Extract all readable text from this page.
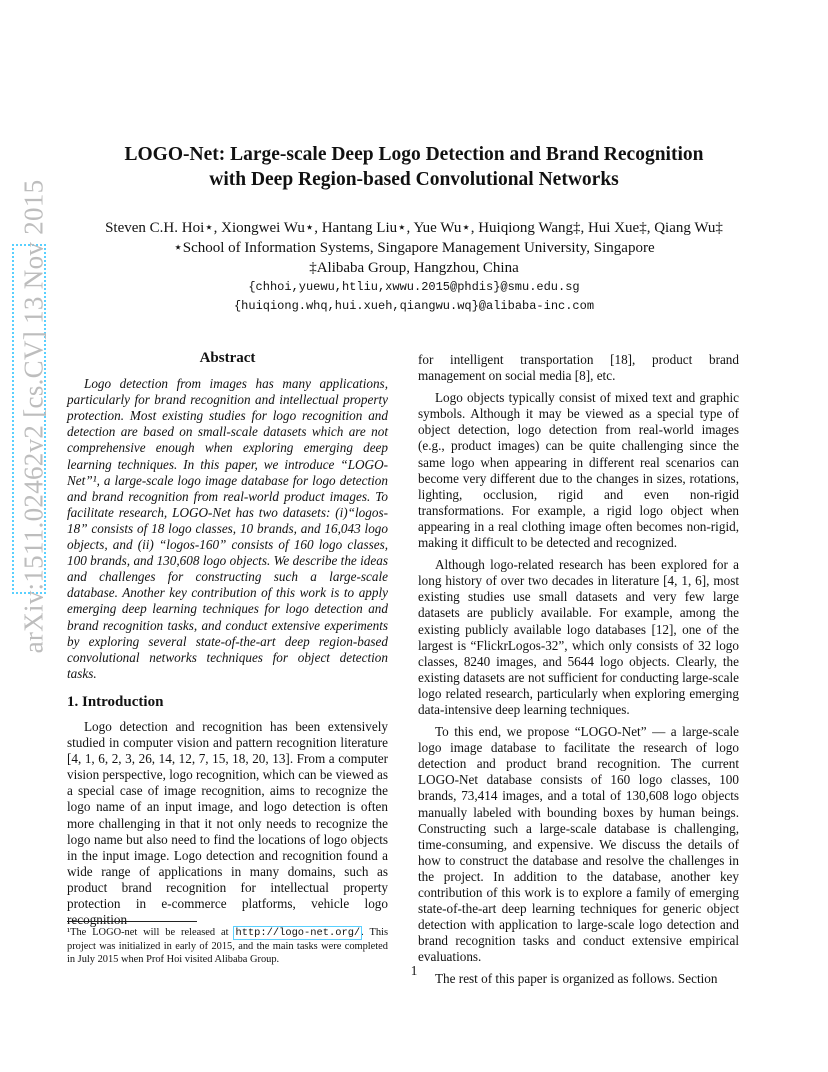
arXiv:1511.02462v2 [cs.CV] 13 Nov 2015
LOGO-Net: Large-scale Deep Logo Detection and Brand Recognition
with Deep Region-based Convolutional Networks
Steven C.H. Hoi⋆, Xiongwei Wu⋆, Hantang Liu⋆, Yue Wu⋆, Huiqiong Wang‡, Hui Xue‡, Qiang Wu‡
⋆School of Information Systems, Singapore Management University, Singapore
‡Alibaba Group, Hangzhou, China
{chhoi,yuewu,htliu,xwwu.2015@phdis}@smu.edu.sg
{huiqiong.whq,hui.xueh,qiangwu.wq}@alibaba-inc.com
Abstract

Logo detection from images has many applications, particularly for brand recognition and intellectual property protection. Most existing studies for logo recognition and detection are based on small-scale datasets which are not comprehensive enough when exploring emerging deep learning techniques. In this paper, we introduce “LOGO-Net”¹, a large-scale logo image database for logo detection and brand recognition from real-world product images. To facilitate research, LOGO-Net has two datasets: (i)“logos-18” consists of 18 logo classes, 10 brands, and 16,043 logo objects, and (ii) “logos-160” consists of 160 logo classes, 100 brands, and 130,608 logo objects. We describe the ideas and challenges for constructing such a large-scale database. Another key contribution of this work is to apply emerging deep learning techniques for logo detection and brand recognition tasks, and conduct extensive experiments by exploring several state-of-the-art deep region-based convolutional networks techniques for object detection tasks.

1. Introduction

Logo detection and recognition has been extensively studied in computer vision and pattern recognition literature [4, 1, 6, 2, 3, 26, 14, 12, 7, 15, 18, 20, 13]. From a computer vision perspective, logo recognition, which can be viewed as a special case of image recognition, aims to recognize the logo name of an input image, and logo detection is often more challenging in that it not only needs to recognize the logo name but also need to find the locations of logo objects in the input image. Logo detection and recognition found a wide range of applications in many domains, such as product brand recognition for intellectual property protection in e-commerce platforms, vehicle logo recognition

for intelligent transportation [18], product brand management on social media [8], etc.

Logo objects typically consist of mixed text and graphic symbols. Although it may be viewed as a special type of object detection, logo detection from real-world images (e.g., product images) can be quite challenging since the same logo when appearing in different real scenarios can become very different due to the changes in sizes, rotations, lighting, occlusion, rigid and even non-rigid transformations. For example, a rigid logo object when appearing in a real clothing image often becomes non-rigid, making it difficult to be detected and recognized.

Although logo-related research has been explored for a long history of over two decades in literature [4, 1, 6], most existing studies use small datasets and very few large datasets are publicly available. For example, among the existing publicly available logo databases [12], one of the largest is “FlickrLogos-32”, which only consists of 32 logo classes, 8240 images, and 5644 logo objects. Clearly, the existing datasets are not sufficient for conducting large-scale logo related research, particularly when exploring emerging data-intensive deep learning techniques.

To this end, we propose “LOGO-Net” — a large-scale logo image database to facilitate the research of logo detection and product brand recognition. The current LOGO-Net database consists of 160 logo classes, 100 brands, 73,414 images, and a total of 130,608 logo objects manually labeled with bounding boxes by human beings. Constructing such a large-scale database is challenging, time-consuming, and expensive. We discuss the details of how to construct the database and resolve the challenges in the project. In addition to the database, another key contribution of this work is to explore a family of emerging state-of-the-art deep learning techniques for generic object detection with application to large-scale logo detection and brand recognition tasks and conduct extensive empirical evaluations.

The rest of this paper is organized as follows. Section

¹The LOGO-net will be released at http://logo-net.org/. This project was initialized in early of 2015, and the main tasks were completed in July 2015 when Prof Hoi visited Alibaba Group.
1
